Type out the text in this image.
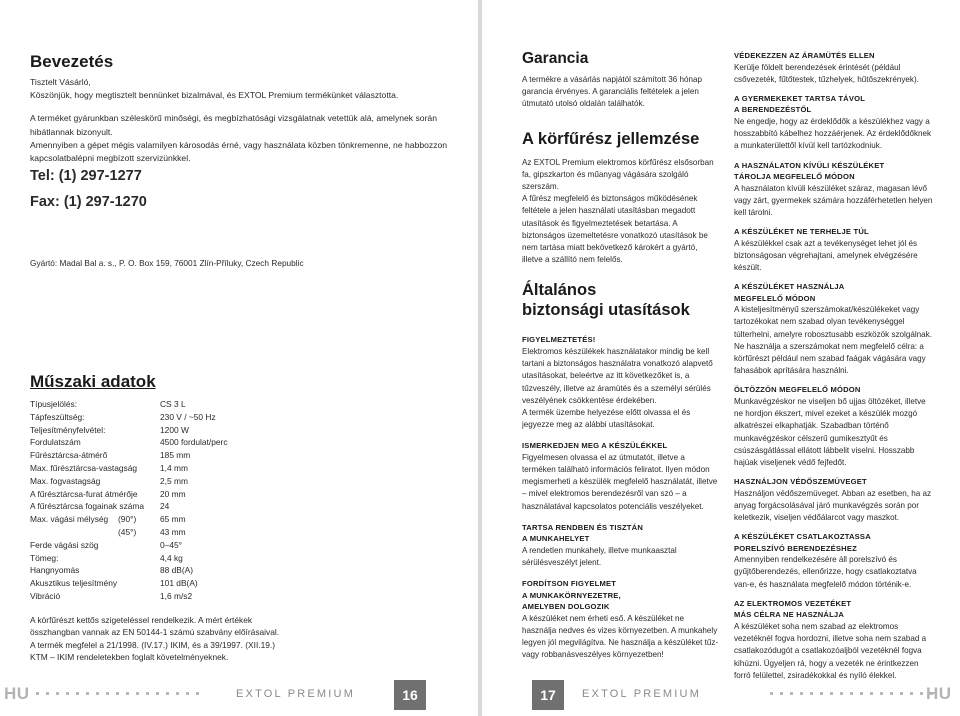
Bevezetés

Tisztelt Vásárló,

Köszönjük, hogy megtisztelt bennünket bizalmával, és EXTOL Premium termékünket választotta.

A terméket gyárunkban széleskörű minőségi, és megbízhatósági vizsgálatnak vetettük alá, amelynek során hibátlannak bizonyult.

Amennyiben a gépet mégis valamilyen károsodás érné, vagy használata közben tönkremenne, ne habbozzon kapcsolatbalépni megbízott szervizünkkel.

Tel: (1) 297-1277
Fax: (1) 297-1270
Gyártó: Madal Bal a. s., P. O. Box 159, 76001 Zlín-Příluky, Czech Republic
Műszaki adatok
Típusjelölés:	CS 3 L
Tápfeszültség:	230 V / ~50 Hz
Teljesítményfelvétel:	1200 W
Fordulatszám	4500 fordulat/perc
Fűrésztárcsa-átmérő	185 mm
Max. fűrésztárcsa-vastagság	1,4 mm
Max. fogvastagság	2,5 mm
A fűrésztárcsa-furat átmérője	20 mm
A fűrésztárcsa fogainak száma	24
Max. vágási mélység	(90°)	65 mm
(45°)	43 mm
Ferde vágási szög	0–45°
Tömeg:	4,4 kg
Hangnyomás	88 dB(A)
Akusztikus teljesítmény	101 dB(A)
Vibráció	1,6 m/s2
A körfűrészt kettős szigeteléssel rendelkezik. A mért értékek
összhangban vannak az EN 50144-1 számú szabvány előírásaival.
A termék megfelel a 21/1998. (IV.17.) IKIM, és a 39/1997. (XII.19.)
KTM – IKIM rendeletekben foglalt követelményeknek.
Garancia

A termékre a vásárlás napjától számított 36 hónap garancia érvényes. A garanciális feltételek a jelen útmutató utolsó oldalán találhatók.

A körfűrész jellemzése

Az EXTOL Premium elektromos körfűrész elsősorban fa, gipszkarton és műanyag vágására szolgáló szerszám.

A fűrész megfelelő és biztonságos működésének feltétele a jelen használati utasításban megadott utasítások és figyelmeztetések betartása. A biztonságos üzemeltetésre vonatkozó utasítások be nem tartása miatt bekövetkező károkért a gyártó, illetve a szállító nem felelős.

Általános
biztonsági utasítások

FIGYELMEZTETÉS!

Elektromos készülékek használatakor mindig be kell tartani a biztonságos használatra vonatkozó alapvető utasításokat, beleértve az itt következőket is, a tűzveszély, illetve az áramütés és a személyi sérülés veszélyének csökkentése érdekében.

A termék üzembe helyezése előtt olvassa el és jegyezze meg az alábbi utasításokat.

ISMERKEDJEN MEG A KÉSZÜLÉKKEL

Figyelmesen olvassa el az útmutatót, illetve a terméken található információs feliratot. Ilyen módon megismerheti a készülék megfelelő használatát, illetve – mivel elektromos berendezésről van szó – a használatával kapcsolatos potenciális veszélyeket.

TARTSA RENDBEN ÉS TISZTÁN

A MUNKAHELYET

A rendetlen munkahely, illetve munkaasztal sérülésveszélyt jelent.

FORDÍTSON FIGYELMET

A MUNKAKÖRNYEZETRE,

AMELYBEN DOLGOZIK

A készüléket nem érheti eső. A készüléket ne használja nedves és vizes környezetben. A munkahely legyen jól megvilágítva. Ne használja a készüléket tűz- vagy robbanásveszélyes környezetben!

VÉDEKEZZEN AZ ÁRAMÜTÉS ELLEN

Kerülje földelt berendezések érintését (például csővezeték, fűtőtestek, tűzhelyek, hűtőszekrények).

A GYERMEKEKET TARTSA TÁVOL

A BERENDEZÉSTŐL

Ne engedje, hogy az érdeklődők a készülékhez vagy a hosszabbító kábelhez hozzáérjenek. Az érdeklődőknek a munkaterülettől kívül kell tartózkodniuk.

A HASZNÁLATON KÍVÜLI KÉSZÜLÉKET

TÁROLJA MEGFELELŐ MÓDON

A használaton kívüli készüléket száraz, magasan lévő vagy zárt, gyermekek számára hozzáférhetetlen helyen kell tárolni.

A KÉSZÜLÉKET NE TERHELJE TÚL

A készülékkel csak azt a tevékenységet lehet jól és biztonságosan végrehajtani, amelynek elvégzésére készült.

A KÉSZÜLÉKET HASZNÁLJA

MEGFELELŐ MÓDON

A kisteljesítményű szerszámokat/készülékeket vagy tartozékokat nem szabad olyan tevékenységgel túlterhelni, amelyre robosztusabb eszközök szolgálnak. Ne használja a szerszámokat nem megfelelő célra: a körfűrészt például nem szabad faágak vágására vagy fahasábok aprítására használni.

ÖLTÖZZÖN MEGFELELŐ MÓDON

Munkavégzéskor ne viseljen bő ujjas öltözéket, illetve ne hordjon ékszert, mivel ezeket a készülék mozgó alkatrészei elkaphatják. Szabadban történő munkavégzéskor célszerű gumikesztyűt és csúszásgátlással ellátott lábbelit viselni. Hosszabb hajúak viseljenek védő fejfedőt.

HASZNÁLJON VÉDŐSZEMÜVEGET

Használjon védőszemüveget. Abban az esetben, ha az anyag forgácsolásával járó munkavégzés során por keletkezik, viseljen védőálarcot vagy maszkot.

A KÉSZÜLÉKET CSATLAKOZTASSA

PORELSZÍVÓ BERENDEZÉSHEZ

Amennyiben rendelkezésére áll porelszívó és gyűjtőberendezés, ellenőrizze, hogy csatlakoztatva van-e, és használata megfelelő módon történik-e.

AZ ELEKTROMOS VEZETÉKET

MÁS CÉLRA NE HASZNÁLJA

A készüléket soha nem szabad az elektromos vezetéknél fogva hordozni, illetve soha nem szabad a csatlakozódugót a csatlakozóaljból vezetéknél fogva kihúzni. Ügyeljen rá, hogy a vezeték ne érintkezzen forró felülettel, zsiradékokkal és nyíló élekkel.

HU	EXTOL PREMIUM	16	17	EXTOL PREMIUM	HU
